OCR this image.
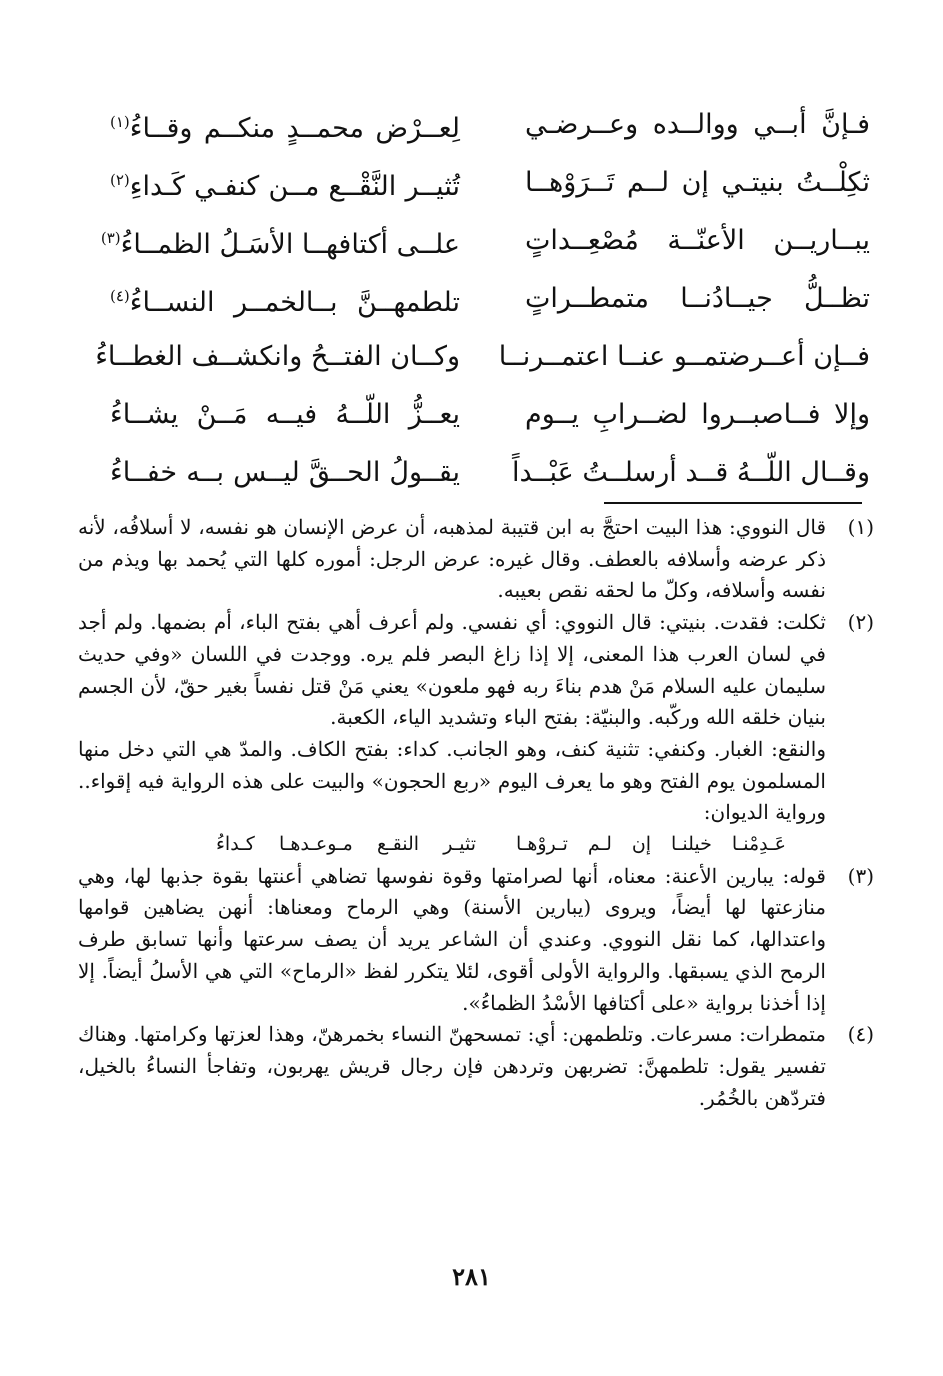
فـإنَّ أبــي ووالــده وعــرضـي
لِعــرْض محمــدٍ منكــم وقــاءُ$^{(١)}$
ثكِلْــتُ بنيتـي إن لــم تَــرَوْهــا
تُثيــر النَّقْــع مــن كنفـي كَـداءِ$^{(٢)}$
يبــاريــن الأعنّــة مُصْعِــداتٍ
علــى أكتافهــا الأسَـلُ الظمــاءُ$^{(٣)}$
تظــلُّ جيــادُنــا متمطــراتٍ
تلطمهــنَّ بــالخمــر النســاءُ$^{(٤)}$
فــإن أعــرضتمــو عنــا اعتمــرنــا
وكــان الفتــحُ وانكشــف الغطــاءُ
وإلا فــاصبــروا لضــرابِ يــوم
يعــزُّ اللّــهُ فيــه مَــنْ يشــاءُ
وقــال اللّــهُ قــد أرسلــتُ عَبْــداً
يقــولُ الحــقَّ ليــس بــه خفــاءُ
(١)

قال النووي: هذا البيت احتجَّ به ابن قتيبة لمذهبه، أن عرض الإنسان هو نفسه، لا أسلافُه، لأنه ذكر عرضه وأسلافه بالعطف. وقال غيره: عرض الرجل: أموره كلها التي يُحمد بها ويذم من نفسه وأسلافه، وكلّ ما لحقه نقص بعيبه.

(٢)

ثكلت: فقدت. بنيتي: قال النووي: أي نفسي. ولم أعرف أهي بفتح الباء، أم بضمها. ولم أجد في لسان العرب هذا المعنى، إلا إذا زاغ البصر فلم يره. ووجدت في اللسان «وفي حديث سليمان عليه السلام مَنْ هدم بناءَ ربه فهو ملعون» يعني مَنْ قتل نفساً بغير حقّ، لأن الجسم بنيان خلقه الله وركّبه. والبنيّة: بفتح الباء وتشديد الياء، الكعبة.

والنقع: الغبار. وكنفي: تثنية كنف، وهو الجانب. كداء: بفتح الكاف. والمدّ هي التي دخل منها المسلمون يوم الفتح وهو ما يعرف اليوم «ربع الحجون» والبيت على هذه الرواية فيه إقواء.. ورواية الديوان:

عَـدِمْنـا خيلنـا إن لـم تـروْهـا
تثيـر النقـع مـوعـدهـا كـداءُ
(٣)

قوله: يبارين الأعنة: معناه، أنها لصرامتها وقوة نفوسها تضاهي أعنتها بقوة جذبها لها، وهي منازعتها لها أيضاً، ويروى (يبارين الأسنة) وهي الرماح ومعناها: أنهن يضاهين قوامها واعتدالها، كما نقل النووي. وعندي أن الشاعر يريد أن يصف سرعتها وأنها تسابق طرف الرمح الذي يسبقها. والرواية الأولى أقوى، لئلا يتكرر لفظ «الرماح» التي هي الأسلُ أيضاً. إلا إذا أخذنا برواية «على أكتافها الأسْدُ الظماءُ».

(٤)

متمطرات: مسرعات. وتلطمهن: أي: تمسحهنّ النساء بخمرهنّ، وهذا لعزتها وكرامتها. وهناك تفسير يقول: تلطمهنَّ: تضربهن وتردهن فإن رجال قريش يهربون، وتفاجأ النساءُ بالخيل، فتردّهن بالخُمُر.

٢٨١
